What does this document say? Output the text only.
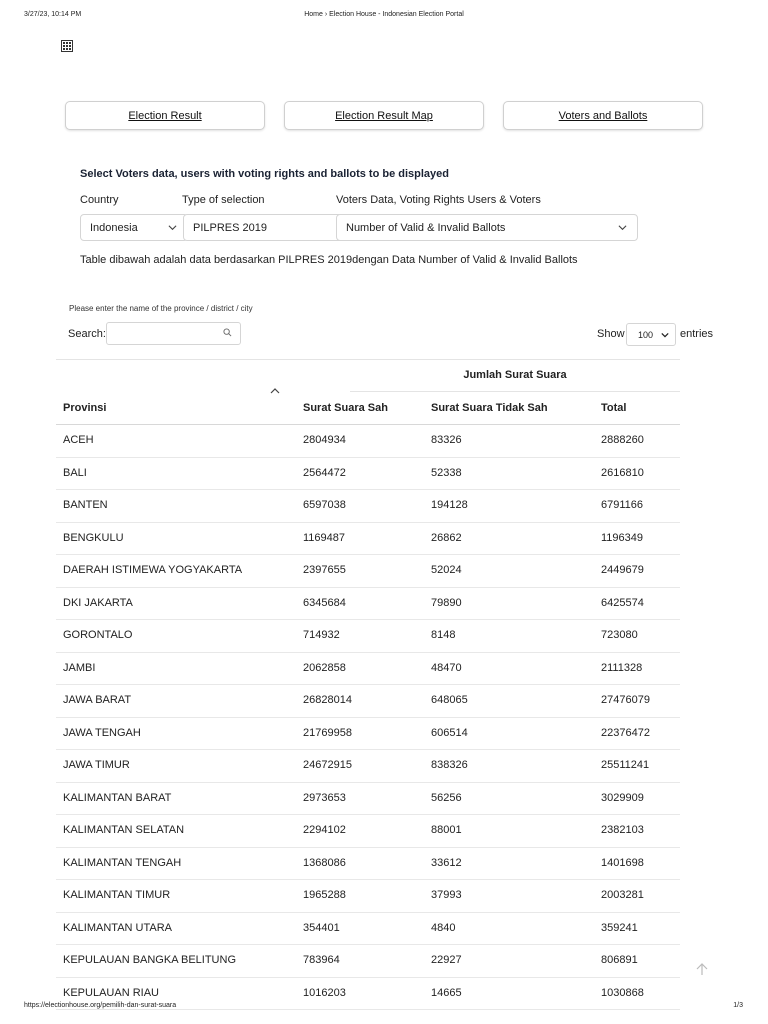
3/27/23, 10:14 PM	Home › Election House - Indonesian Election Portal
Election Result	Election Result Map	Voters and Ballots
Select Voters data, users with voting rights and ballots to be displayed
Country	Type of selection	Voters Data, Voting Rights Users & Voters
Indonesia	PILPRES 2019	Number of Valid & Invalid Ballots
Table dibawah adalah data berdasarkan PILPRES 2019dengan Data Number of Valid & Invalid Ballots
Please enter the name of the province / district / city
Search:	Show 100 entries
Jumlah Surat Suara
Provinsi	Surat Suara Sah	Surat Suara Tidak Sah	Total
ACEH	2804934	83326	2888260
BALI	2564472	52338	2616810
BANTEN	6597038	194128	6791166
BENGKULU	1169487	26862	1196349
DAERAH ISTIMEWA YOGYAKARTA	2397655	52024	2449679
DKI JAKARTA	6345684	79890	6425574
GORONTALO	714932	8148	723080
JAMBI	2062858	48470	2111328
JAWA BARAT	26828014	648065	27476079
JAWA TENGAH	21769958	606514	22376472
JAWA TIMUR	24672915	838326	25511241
KALIMANTAN BARAT	2973653	56256	3029909
KALIMANTAN SELATAN	2294102	88001	2382103
KALIMANTAN TENGAH	1368086	33612	1401698
KALIMANTAN TIMUR	1965288	37993	2003281
KALIMANTAN UTARA	354401	4840	359241
KEPULAUAN BANGKA BELITUNG	783964	22927	806891
KEPULAUAN RIAU	1016203	14665	1030868
https://electionhouse.org/pemilih-dan-surat-suara	1/3
